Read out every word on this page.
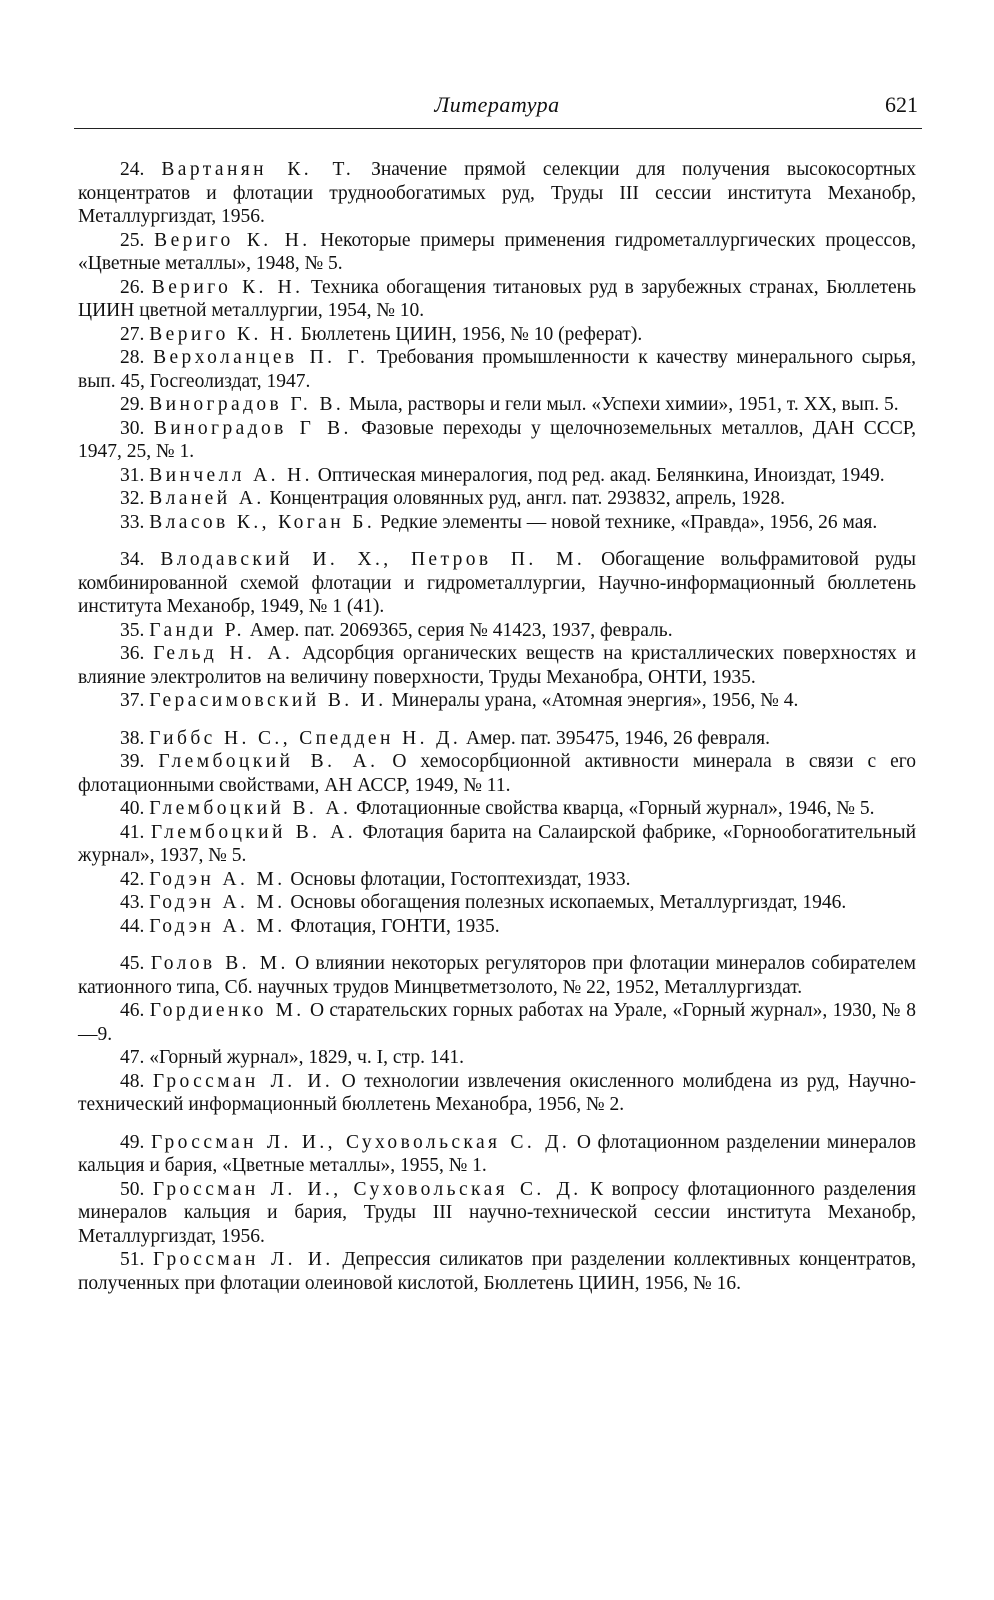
Литература	621

24. Вартанян К. Т. Значение прямой селекции для получения высокосортных концентратов и флотации труднообогатимых руд, Труды III сессии института Механобр, Металлургиздат, 1956.

25. Вериго К. Н. Некоторые примеры применения гидрометаллургических процессов, «Цветные металлы», 1948, № 5.

26. Вериго К. Н. Техника обогащения титановых руд в зарубежных странах, Бюллетень ЦИИН цветной металлургии, 1954, № 10.

27. Вериго К. Н. Бюллетень ЦИИН, 1956, № 10 (реферат).

28. Верхоланцев П. Г. Требования промышленности к качеству минерального сырья, вып. 45, Госгеолиздат, 1947.

29. Виноградов Г. В. Мыла, растворы и гели мыл. «Успехи химии», 1951, т. XX, вып. 5.

30. Виноградов Г В. Фазовые переходы у щелочноземельных металлов, ДАН СССР, 1947, 25, № 1.

31. Винчелл А. Н. Оптическая минералогия, под ред. акад. Белянкина, Иноиздат, 1949.

32. Вланей А. Концентрация оловянных руд, англ. пат. 293832, апрель, 1928.

33. Власов К., Коган Б. Редкие элементы — новой технике, «Правда», 1956, 26 мая.

34. Влодавский И. Х., Петров П. М. Обогащение вольфрамитовой руды комбинированной схемой флотации и гидрометаллургии, Научно-информационный бюллетень института Механобр, 1949, № 1 (41).

35. Ганди Р. Амер. пат. 2069365, серия № 41423, 1937, февраль.

36. Гельд Н. А. Адсорбция органических веществ на кристаллических поверхностях и влияние электролитов на величину поверхности, Труды Механобра, ОНТИ, 1935.

37. Герасимовский В. И. Минералы урана, «Атомная энергия», 1956, № 4.

38. Гиббс Н. С., Спедден Н. Д. Амер. пат. 395475, 1946, 26 февраля.

39. Глембоцкий В. А. О хемосорбционной активности минерала в связи с его флотационными свойствами, АН АССР, 1949, № 11.

40. Глембоцкий В. А. Флотационные свойства кварца, «Горный журнал», 1946, № 5.

41. Глембоцкий В. А. Флотация барита на Салаирской фабрике, «Горнообогатительный журнал», 1937, № 5.

42. Годэн А. М. Основы флотации, Гостоптехиздат, 1933.

43. Годэн А. М. Основы обогащения полезных ископаемых, Металлургиздат, 1946.

44. Годэн А. М. Флотация, ГОНТИ, 1935.

45. Голов В. М. О влиянии некоторых регуляторов при флотации минералов собирателем катионного типа, Сб. научных трудов Минцветметзолото, № 22, 1952, Металлургиздат.

46. Гордиенко М. О старательских горных работах на Урале, «Горный журнал», 1930, № 8—9.

47. «Горный журнал», 1829, ч. I, стр. 141.

48. Гроссман Л. И. О технологии извлечения окисленного молибдена из руд, Научно-технический информационный бюллетень Механобра, 1956, № 2.

49. Гроссман Л. И., Суховольская С. Д. О флотационном разделении минералов кальция и бария, «Цветные металлы», 1955, № 1.

50. Гроссман Л. И., Суховольская С. Д. К вопросу флотационного разделения минералов кальция и бария, Труды III научно-технической сессии института Механобр, Металлургиздат, 1956.

51. Гроссман Л. И. Депрессия силикатов при разделении коллективных концентратов, полученных при флотации олеиновой кислотой, Бюллетень ЦИИН, 1956, № 16.
